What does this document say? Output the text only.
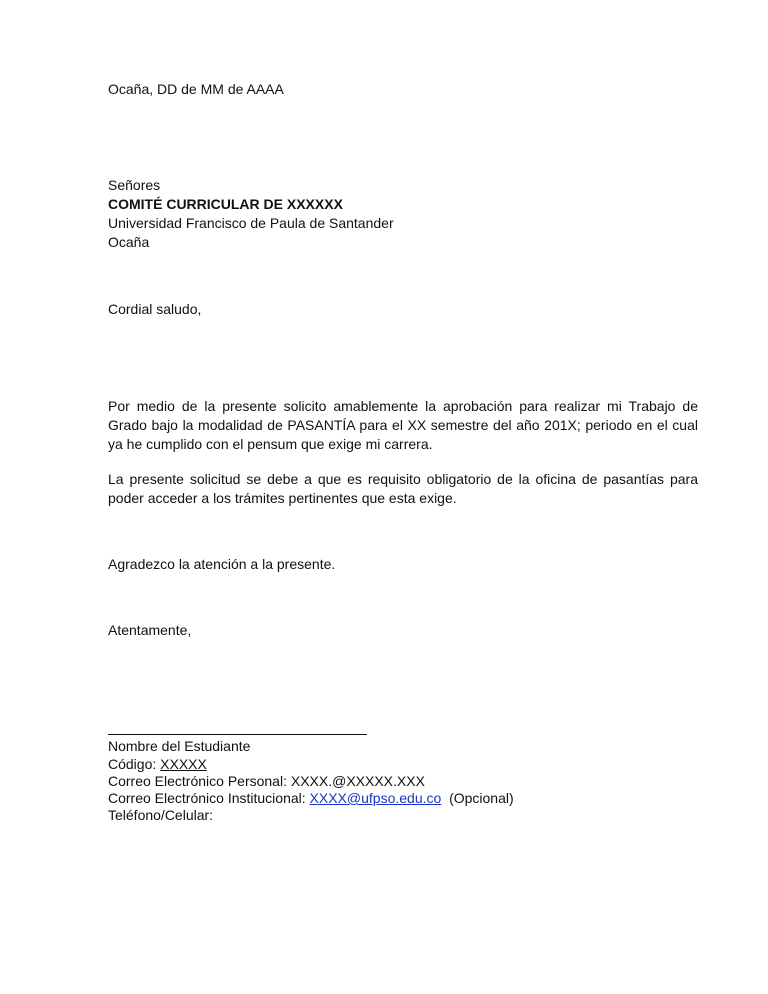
Ocaña, DD de MM de AAAA
Señores
COMITÉ CURRICULAR DE XXXXXX
Universidad Francisco de Paula de Santander
Ocaña
Cordial saludo,
Por medio de la presente solicito amablemente la aprobación para realizar mi Trabajo de Grado bajo la modalidad de PASANTÍA para el XX semestre del año 201X; periodo en el cual ya he cumplido con el pensum que exige mi carrera.
La presente solicitud se debe a que es requisito obligatorio de la oficina de pasantías para poder acceder a los trámites pertinentes que esta exige.
Agradezco la atención a la presente.
Atentamente,
Nombre del Estudiante
Código: XXXXX
Correo Electrónico Personal: XXXX.@XXXXX.XXX
Correo Electrónico Institucional: XXXX@ufpso.edu.co  (Opcional)
Teléfono/Celular:
